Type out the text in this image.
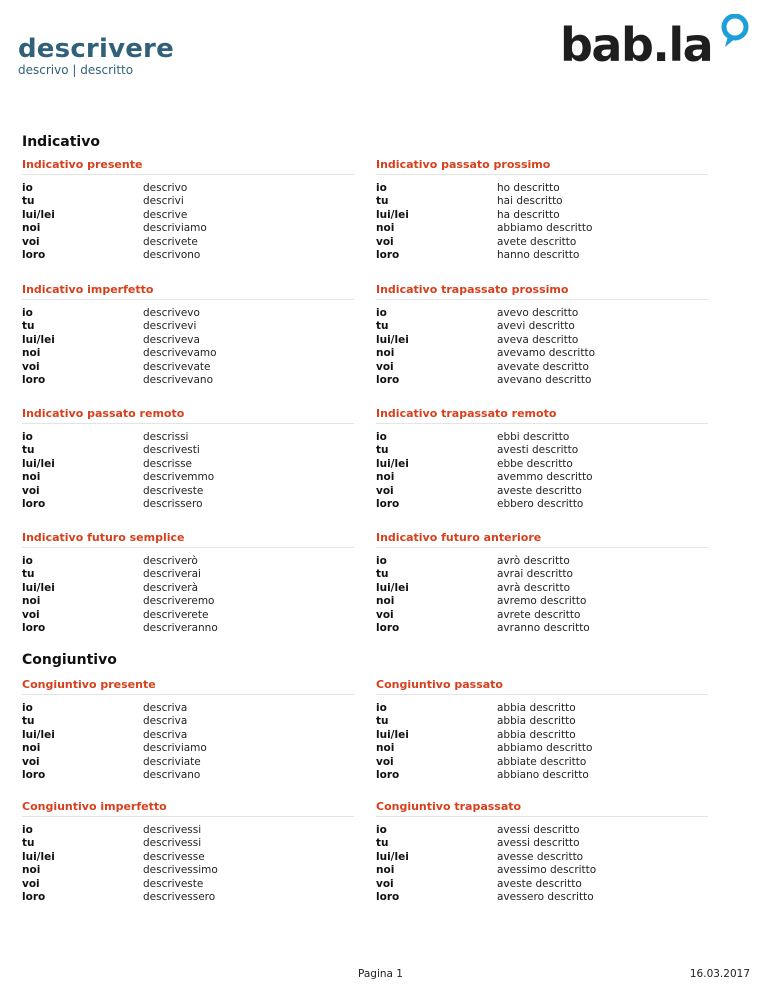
descrivere
descrivo | descritto	bab.la
Indicativo
Indicativo presente
io	descrivo
tu	descrivi
lui/lei	descrive
noi	descriviamo
voi	descrivete
loro	descrivono
Indicativo passato prossimo
io	ho descritto
tu	hai descritto
lui/lei	ha descritto
noi	abbiamo descritto
voi	avete descritto
loro	hanno descritto
Indicativo imperfetto
io	descrivevo
tu	descrivevi
lui/lei	descriveva
noi	descrivevamo
voi	descrivevate
loro	descrivevano
Indicativo trapassato prossimo
io	avevo descritto
tu	avevi descritto
lui/lei	aveva descritto
noi	avevamo descritto
voi	avevate descritto
loro	avevano descritto
Indicativo passato remoto
io	descrissi
tu	descrivesti
lui/lei	descrisse
noi	descrivemmo
voi	descriveste
loro	descrissero
Indicativo trapassato remoto
io	ebbi descritto
tu	avesti descritto
lui/lei	ebbe descritto
noi	avemmo descritto
voi	aveste descritto
loro	ebbero descritto
Indicativo futuro semplice
io	descriverò
tu	descriverai
lui/lei	descriverà
noi	descriveremo
voi	descriverete
loro	descriveranno
Indicativo futuro anteriore
io	avrò descritto
tu	avrai descritto
lui/lei	avrà descritto
noi	avremo descritto
voi	avrete descritto
loro	avranno descritto
Congiuntivo
Congiuntivo presente
io	descriva
tu	descriva
lui/lei	descriva
noi	descriviamo
voi	descriviate
loro	descrivano
Congiuntivo passato
io	abbia descritto
tu	abbia descritto
lui/lei	abbia descritto
noi	abbiamo descritto
voi	abbiate descritto
loro	abbiano descritto
Congiuntivo imperfetto
io	descrivessi
tu	descrivessi
lui/lei	descrivesse
noi	descrivessimo
voi	descriveste
loro	descrivessero
Congiuntivo trapassato
io	avessi descritto
tu	avessi descritto
lui/lei	avesse descritto
noi	avessimo descritto
voi	aveste descritto
loro	avessero descritto
Pagina 1	16.03.2017
